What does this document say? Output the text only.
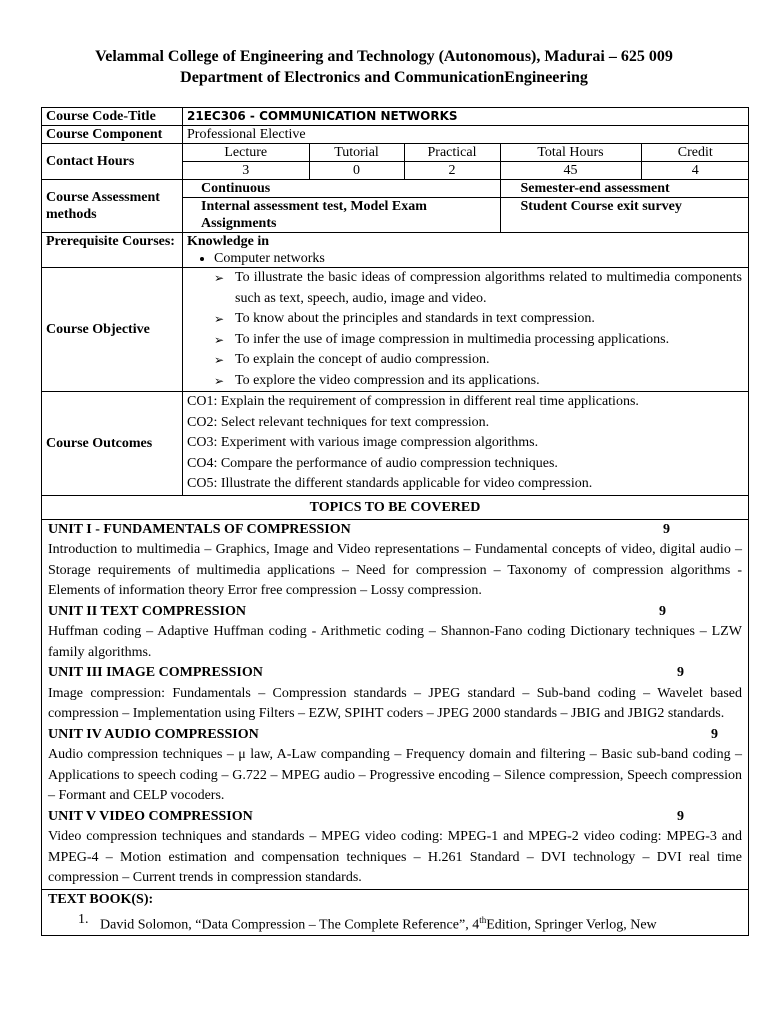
Velammal College of Engineering and Technology (Autonomous), Madurai – 625 009
Department of Electronics and CommunicationEngineering
Course Code-Title	21EC306 - COMMUNICATION NETWORKS
Course Component	Professional Elective
Contact Hours	
Lecture	Tutorial	Practical	Total Hours	Credit
3	0	2	45	4

Course Assessment methods	
Continuous	Semester-end assessment
Internal assessment test, Model Exam Assignments	Student Course exit survey

Prerequisite Courses:	Knowledge in
• Computer networks

Course Objective	
➢ To illustrate the basic ideas of compression algorithms related to multimedia components such as text, speech, audio, image and video.
➢ To know about the principles and standards in text compression.
➢ To infer the use of image compression in multimedia processing applications.
➢ To explain the concept of audio compression.
➢ To explore the video compression and its applications.

Course Outcomes	
CO1: Explain the requirement of compression in different real time applications.
CO2: Select relevant techniques for text compression.
CO3: Experiment with various image compression algorithms.
CO4: Compare the performance of audio compression techniques.
CO5: Illustrate the different standards applicable for video compression.

TOPICS TO BE COVERED

UNIT I - FUNDAMENTALS OF COMPRESSION	9
Introduction to multimedia – Graphics, Image and Video representations – Fundamental concepts of video, digital audio – Storage requirements of multimedia applications – Need for compression – Taxonomy of compression algorithms - Elements of information theory Error free compression – Lossy compression.
UNIT II TEXT COMPRESSION	9
Huffman coding – Adaptive Huffman coding - Arithmetic coding – Shannon-Fano coding Dictionary techniques – LZW family algorithms.
UNIT III IMAGE COMPRESSION	9
Image compression: Fundamentals – Compression standards – JPEG standard – Sub-band coding – Wavelet based compression – Implementation using Filters – EZW, SPIHT coders – JPEG 2000 standards – JBIG and JBIG2 standards.
UNIT IV AUDIO COMPRESSION	9
Audio compression techniques – μ law, A-Law companding – Frequency domain and filtering – Basic sub-band coding – Applications to speech coding – G.722 – MPEG audio – Progressive encoding – Silence compression, Speech compression – Formant and CELP vocoders.
UNIT V VIDEO COMPRESSION	9
Video compression techniques and standards – MPEG video coding: MPEG-1 and MPEG-2 video coding: MPEG-3 and MPEG-4 – Motion estimation and compensation techniques – H.261 Standard – DVI technology – DVI real time compression – Current trends in compression standards.

TEXT BOOK(S):
1. David Solomon, “Data Compression – The Complete Reference”, 4thEdition, Springer Verlog, New
